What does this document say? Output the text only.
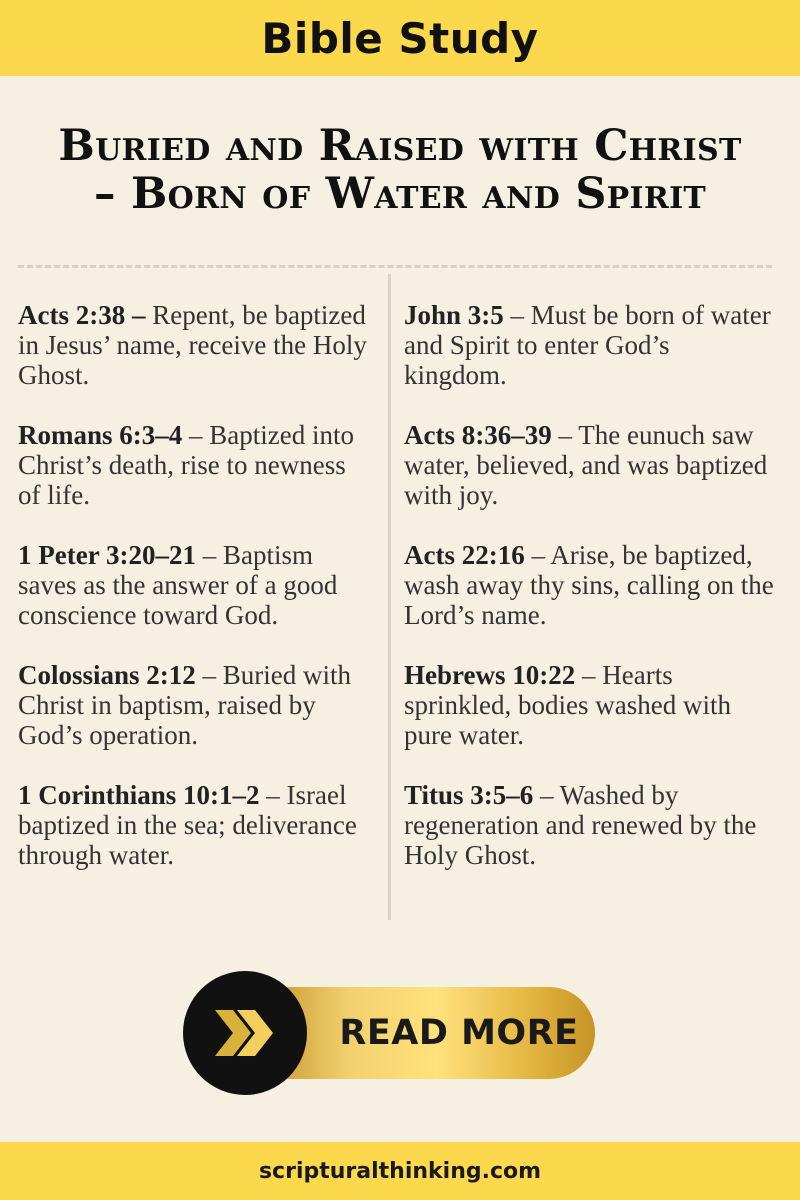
Bible Study
Buried and Raised with Christ
– Born of Water and Spirit

Acts 2:38 – Repent, be baptized in Jesus’ name, receive the Holy Ghost.

Romans 6:3–4 – Baptized into Christ’s death, rise to newness of life.

1 Peter 3:20–21 – Baptism saves as the answer of a good conscience toward God.

Colossians 2:12 – Buried with Christ in baptism, raised by God’s operation.

1 Corinthians 10:1–2 – Israel baptized in the sea; deliverance through water.

John 3:5 – Must be born of water and Spirit to enter God’s kingdom.

Acts 8:36–39 – The eunuch saw water, believed, and was baptized with joy.

Acts 22:16 – Arise, be baptized, wash away thy sins, calling on the Lord’s name.

Hebrews 10:22 – Hearts sprinkled, bodies washed with pure water.

Titus 3:5–6 – Washed by regeneration and renewed by the Holy Ghost.

READ MORE
scripturalthinking.com
